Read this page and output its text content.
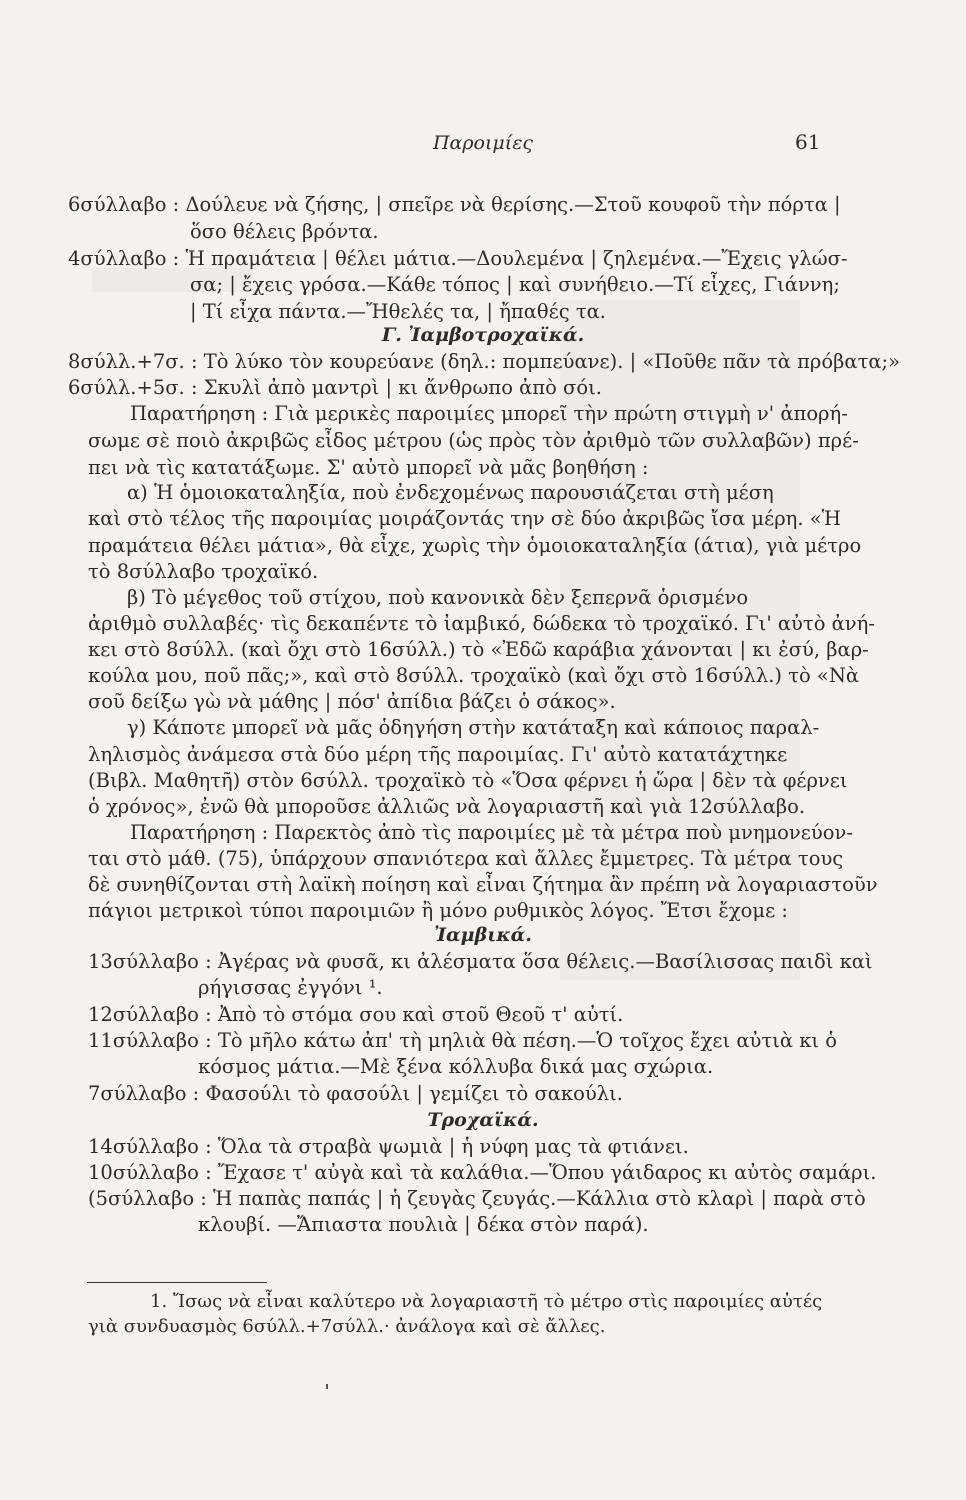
Παροιμίες	61
6σύλλαβο : Δούλευε νὰ ζήσης, | σπεῖρε νὰ θερίσης.—Στοῦ κουφοῦ τὴν πόρτα |
ὅσο θέλεις βρόντα.
4σύλλαβο : Ἡ πραμάτεια | θέλει μάτια.—Δουλεμένα | ζηλεμένα.—Ἔχεις γλώσ-
σα; | ἔχεις γρόσα.—Κάθε τόπος | καὶ συνήθειο.—Τί εἶχες, Γιάννη;
| Τί εἶχα πάντα.—Ἤθελές τα, | ἤπαθές τα.
Γ. Ἰαμβοτροχαϊκά.
8σύλλ.+7σ. : Τὸ λύκο τὸν κουρεύανε (δηλ.: πομπεύανε). | «Ποῦθε πᾶν τὰ πρόβατα;»
6σύλλ.+5σ. : Σκυλὶ ἀπὸ μαντρὶ | κι ἄνθρωπο ἀπὸ σόι.
Παρατήρηση : Γιὰ μερικὲς παροιμίες μπορεῖ τὴν πρώτη στιγμὴ ν' ἀπορή-
σωμε σὲ ποιὸ ἀκριβῶς εἶδος μέτρου (ὡς πρὸς τὸν ἀριθμὸ τῶν συλλαβῶν) πρέ-
πει νὰ τὶς κατατάξωμε. Σ' αὐτὸ μπορεῖ νὰ μᾶς βοηθήση :
α) Ἡ ὁμοιοκαταληξία, ποὺ ἐνδεχομένως παρουσιάζεται στὴ μέση
καὶ στὸ τέλος τῆς παροιμίας μοιράζοντάς την σὲ δύο ἀκριβῶς ἴσα μέρη. «Ἡ
πραμάτεια θέλει μάτια», θὰ εἶχε, χωρὶς τὴν ὁμοιοκαταληξία (άτια), γιὰ μέτρο
τὸ 8σύλλαβο τροχαϊκό.
β) Τὸ μέγεθος τοῦ στίχου, ποὺ κανονικὰ δὲν ξεπερνᾶ ὁρισμένο
ἀριθμὸ συλλαβές· τὶς δεκαπέντε τὸ ἰαμβικό, δώδεκα τὸ τροχαϊκό. Γι' αὐτὸ ἀνή-
κει στὸ 8σύλλ. (καὶ ὄχι στὸ 16σύλλ.) τὸ «Ἐδῶ καράβια χάνονται | κι ἐσύ, βαρ-
κούλα μου, ποῦ πᾶς;», καὶ στὸ 8σύλλ. τροχαϊκὸ (καὶ ὄχι στὸ 16σύλλ.) τὸ «Νὰ
σοῦ δείξω γὼ νὰ μάθης | πόσ' ἀπίδια βάζει ὁ σάκος».
γ) Κάποτε μπορεῖ νὰ μᾶς ὁδηγήση στὴν κατάταξη καὶ κάποιος παραλ-
ληλισμὸς ἀνάμεσα στὰ δύο μέρη τῆς παροιμίας. Γι' αὐτὸ κατατάχτηκε
(Βιβλ. Μαθητῆ) στὸν 6σύλλ. τροχαϊκὸ τὸ «Ὅσα φέρνει ἡ ὥρα | δὲν τὰ φέρνει
ὁ χρόνος», ἐνῶ θὰ μποροῦσε ἀλλιῶς νὰ λογαριαστῆ καὶ γιὰ 12σύλλαβο.
Παρατήρηση : Παρεκτὸς ἀπὸ τὶς παροιμίες μὲ τὰ μέτρα ποὺ μνημονεύον-
ται στὸ μάθ. (75), ὑπάρχουν σπανιότερα καὶ ἄλλες ἔμμετρες. Τὰ μέτρα τους
δὲ συνηθίζονται στὴ λαϊκὴ ποίηση καὶ εἶναι ζήτημα ἂν πρέπη νὰ λογαριαστοῦν
πάγιοι μετρικοὶ τύποι παροιμιῶν ἢ μόνο ρυθμικὸς λόγος. Ἔτσι ἔχομε :
Ἰαμβικά.
13σύλλαβο : Ἀγέρας νὰ φυσᾶ, κι ἀλέσματα ὅσα θέλεις.—Βασίλισσας παιδὶ καὶ
ρήγισσας ἐγγόνι ¹.
12σύλλαβο : Ἀπὸ τὸ στόμα σου καὶ στοῦ Θεοῦ τ' αὐτί.
11σύλλαβο : Τὸ μῆλο κάτω ἀπ' τὴ μηλιὰ θὰ πέση.—Ὁ τοῖχος ἔχει αὐτιὰ κι ὁ
κόσμος μάτια.—Μὲ ξένα κόλλυβα δικά μας σχώρια.
7σύλλαβο : Φασούλι τὸ φασούλι | γεμίζει τὸ σακούλι.
Τροχαϊκά.
14σύλλαβο : Ὅλα τὰ στραβὰ ψωμιὰ | ἡ νύφη μας τὰ φτιάνει.
10σύλλαβο : Ἔχασε τ' αὐγὰ καὶ τὰ καλάθια.—Ὅπου γάιδαρος κι αὐτὸς σαμάρι.
(5σύλλαβο : Ἡ παπὰς παπάς | ἡ ζευγὰς ζευγάς.—Κάλλια στὸ κλαρὶ | παρὰ στὸ
κλουβί. —Ἄπιαστα πουλιὰ | δέκα στὸν παρά).
1. Ἴσως νὰ εἶναι καλύτερο νὰ λογαριαστῆ τὸ μέτρο στὶς παροιμίες αὐτές
γιὰ συνδυασμὸς 6σύλλ.+7σύλλ.· ἀνάλογα καὶ σὲ ἄλλες.
